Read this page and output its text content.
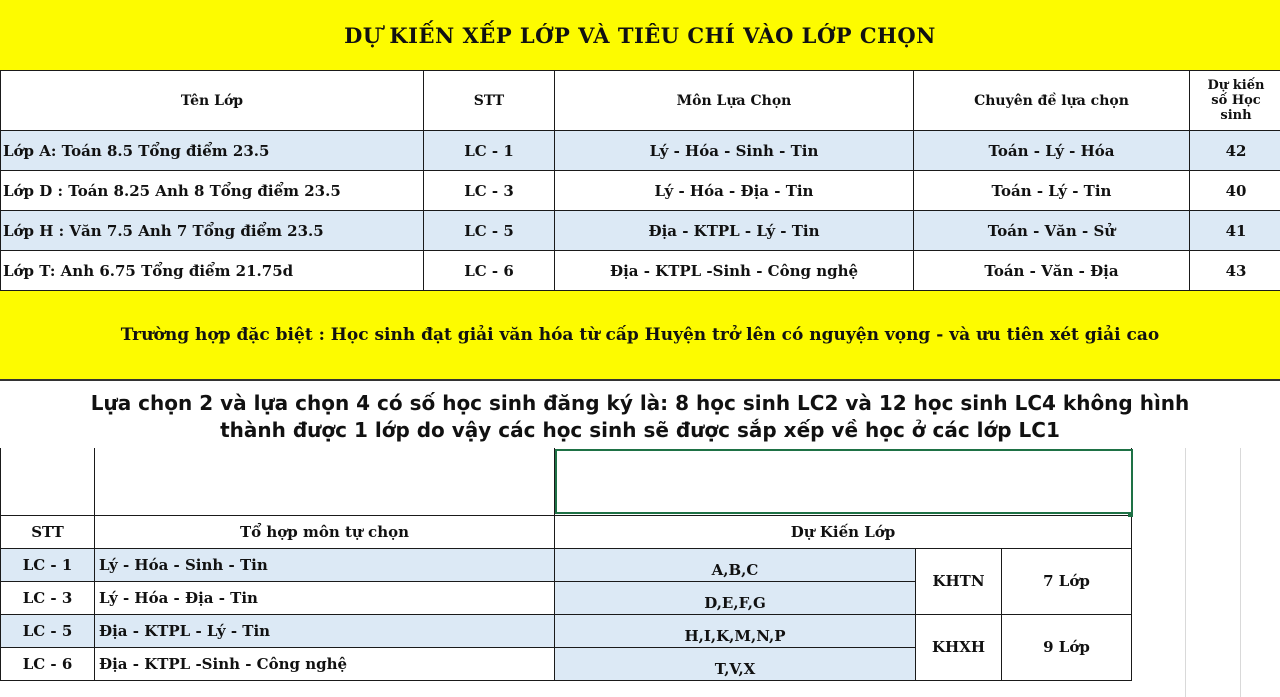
DỰ KIẾN XẾP LỚP VÀ TIÊU CHÍ VÀO LỚP CHỌN
Tên Lớp	STT	Môn Lựa Chọn	Chuyên đề lựa chọn	Dự kiến
số Học
sinh

Lớp A: Toán 8.5 Tổng điểm 23.5	LC - 1	Lý - Hóa - Sinh - Tin	Toán - Lý - Hóa	42
Lớp D : Toán 8.25 Anh 8 Tổng điểm 23.5	LC - 3	Lý - Hóa - Địa - Tin	Toán - Lý - Tin	40
Lớp H : Văn 7.5 Anh 7 Tổng điểm 23.5	LC - 5	Địa - KTPL - Lý - Tin	Toán - Văn - Sử	41
Lớp T: Anh 6.75 Tổng điểm 21.75d	LC - 6	Địa - KTPL -Sinh - Công nghệ	Toán - Văn - Địa	43
Trường hợp đặc biệt : Học sinh đạt giải văn hóa từ cấp Huyện trở lên có nguyện vọng - và ưu tiên xét giải cao
Lựa chọn 2 và lựa chọn 4 có số học sinh đăng ký là: 8 học sinh LC2 và 12 học sinh LC4 không hình
thành được 1 lớp do vậy các học sinh sẽ được sắp xếp về học ở các lớp LC1

STT	Tổ hợp môn tự chọn	Dự Kiến Lớp		
LC - 1	Lý - Hóa - Sinh - Tin	A,B,C	KHTN	7 Lớp
LC - 3	Lý - Hóa - Địa - Tin	D,E,F,G		
LC - 5	Địa - KTPL - Lý - Tin	H,I,K,M,N,P	KHXH	9 Lớp
LC - 6	Địa - KTPL -Sinh - Công nghệ	T,V,X		
